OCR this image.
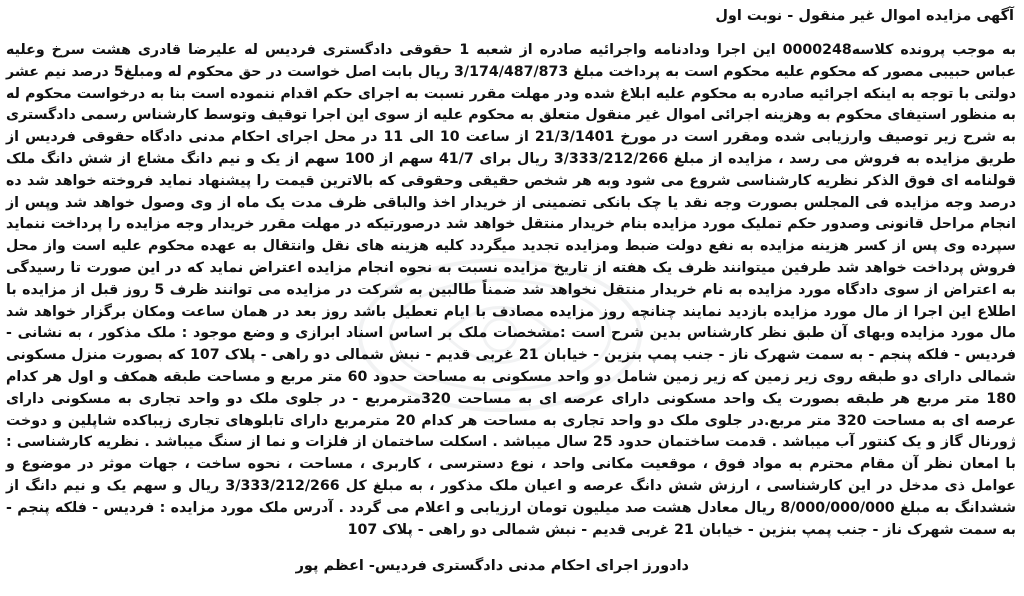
آگهی مزایده اموال غیر منقول - نوبت اول

به موجب پرونده کلاسه0000248 این اجرا ودادنامه واجرائیه صادره از شعبه 1 حقوقی دادگستری فردیس له علیرضا قادری هشت سرخ وعلیه عباس حبیبی مصور که محکوم علیه محکوم است به پرداخت مبلغ 3/174/487/873 ریال بابت اصل خواست در حق محکوم له ومبلغ5 درصد نیم عشر دولتی با توجه به اینکه اجرائیه صادره به محکوم علیه ابلاغ شده ودر مهلت مقرر نسبت به اجرای حکم اقدام ننموده است بنا به درخواست محکوم له به منظور استیفای محکوم به وهزینه اجرائی اموال غیر منقول متعلق به محکوم علیه از سوی این اجرا توقیف وتوسط کارشناس رسمی دادگستری به شرح زیر توصیف وارزیابی شده ومقرر است در مورخ 21/3/1401 از ساعت 10 الی 11 در محل اجرای احکام مدنی دادگاه حقوقی فردیس از طریق مزایده به فروش می رسد ، مزایده از مبلغ 3/333/212/266 ریال برای 41/7 سهم از 100 سهم از یک و نیم دانگ مشاع از شش دانگ ملک قولنامه ای فوق الذکر نظریه کارشناسی شروع می شود وبه هر شخص حقیقی وحقوقی که بالاترین قیمت را پیشنهاد نماید فروخته خواهد شد ده درصد وجه مزایده فی المجلس بصورت وجه نقد یا چک بانکی تضمینی از خریدار اخذ والباقی ظرف مدت یک ماه از وی وصول خواهد شد وپس از انجام مراحل قانونی وصدور حکم تملیک مورد مزایده بنام خریدار منتقل خواهد شد درصورتیکه در مهلت مقرر خریدار وجه مزایده را پرداخت ننماید سپرده وی پس از کسر هزینه مزایده به نفع دولت ضبط ومزایده تجدید میگردد کلیه هزینه های نقل وانتقال به عهده محکوم علیه است واز محل فروش پرداخت خواهد شد طرفین میتوانند ظرف یک هفته از تاریخ مزایده نسبت به نحوه انجام مزایده اعتراض نماید که در این صورت تا رسیدگی به اعتراض از سوی دادگاه مورد مزایده به نام خریدار منتقل نخواهد شد ضمناً طالبین به شرکت در مزایده می توانند ظرف 5 روز قبل از مزایده با اطلاع این اجرا از مال مورد مزایده بازدید نمایند چنانچه روز مزایده مصادف با ایام تعطیل باشد روز بعد در همان ساعت ومکان برگزار خواهد شد مال مورد مزایده وبهای آن طبق نظر کارشناس بدین شرح است :مشخصات ملک بر اساس اسناد ابرازی و وضع موجود : ملک مذکور ، به نشانی - فردیس - فلکه پنجم - به سمت شهرک ناز - جنب پمپ بنزین - خیابان 21 غربی قدیم - نبش شمالی دو راهی - پلاک 107 که بصورت منزل مسکونی شمالی دارای دو طبقه روی زیر زمین که زیر زمین شامل دو واحد مسکونی به مساحت حدود 60 متر مربع و مساحت طبقه همکف و اول هر کدام 180 متر مربع هر طبقه بصورت یک واحد مسکونی دارای عرصه ای به مساحت 320مترمربع - در جلوی ملک دو واحد تجاری به مسکونی دارای عرصه ای به مساحت 320 متر مربع.در جلوی ملک دو واحد تجاری به مساحت هر کدام 20 مترمربع دارای تابلوهای تجاری زیباکده شاپلین و دوخت ژورنال گاز و یک کنتور آب میباشد . قدمت ساختمان حدود 25 سال میباشد . اسکلت ساختمان از فلزات و نما از سنگ میباشد . نظریه کارشناسی : با امعان نظر آن مقام محترم به مواد فوق ، موقعیت مکانی واحد ، نوع دسترسی ، کاربری ، مساحت ، نحوه ساخت ، جهات موثر در موضوع و عوامل ذی مدخل در این کارشناسی ، ارزش شش دانگ عرصه و اعیان ملک مذکور ، به مبلغ کل 3/333/212/266 ریال و سهم یک و نیم دانگ از ششدانگ به مبلغ 8/000/000/000 ریال معادل هشت صد میلیون تومان ارزیابی و اعلام می گردد . آدرس ملک مورد مزایده : فردیس - فلکه پنجم - به سمت شهرک ناز - جنب پمپ بنزین - خیابان 21 غربی قدیم - نبش شمالی دو راهی - پلاک 107

دادورز اجرای احکام مدنی دادگستری فردیس- اعظم پور
